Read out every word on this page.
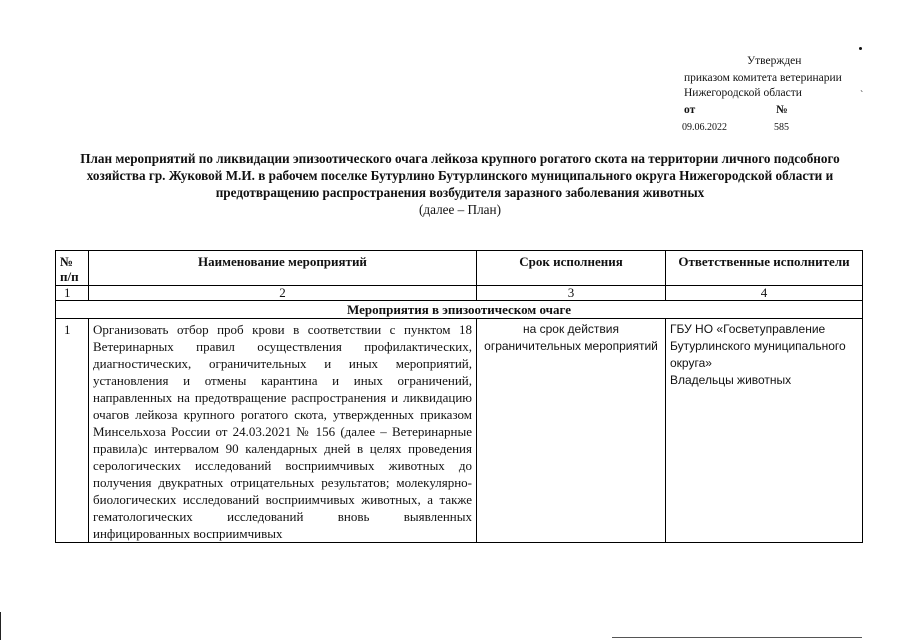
Утвержден
приказом комитета ветеринарии
Нижегородской области
от	№
09.06.2022	585
`
План мероприятий по ликвидации эпизоотического очага лейкоза крупного рогатого скота на территории личного подсобного хозяйства гр. Жуковой М.И. в рабочем поселке Бутурлино Бутурлинского муниципального округа Нижегородской области и предотвращению распространения возбудителя заразного заболевания животных
(далее – План)
№ п/п	Наименование мероприятий	Срок исполнения	Ответственные исполнители
1	2	3	4
Мероприятия в эпизоотическом очаге			
1	Организовать отбор проб крови в соответствии с пунктом 18 Ветеринарных правил осуществления профилактических, диагностических, ограничительных и иных мероприятий, установления и отмены карантина и иных ограничений, направленных на предотвращение распространения и ликвидацию очагов лейкоза крупного рогатого скота, утвержденных приказом Минсельхоза России от 24.03.2021 № 156 (далее – Ветеринарные правила)с интервалом 90 календарных дней в целях проведения серологических исследований восприимчивых животных до получения двукратных отрицательных результатов; молекулярно-биологических исследований восприимчивых животных, а также гематологических исследований вновь выявленных инфицированных восприимчивых	на срок действия ограничительных мероприятий	ГБУ НО «Госветуправление Бутурлинского муниципального округа»
Владельцы животных
